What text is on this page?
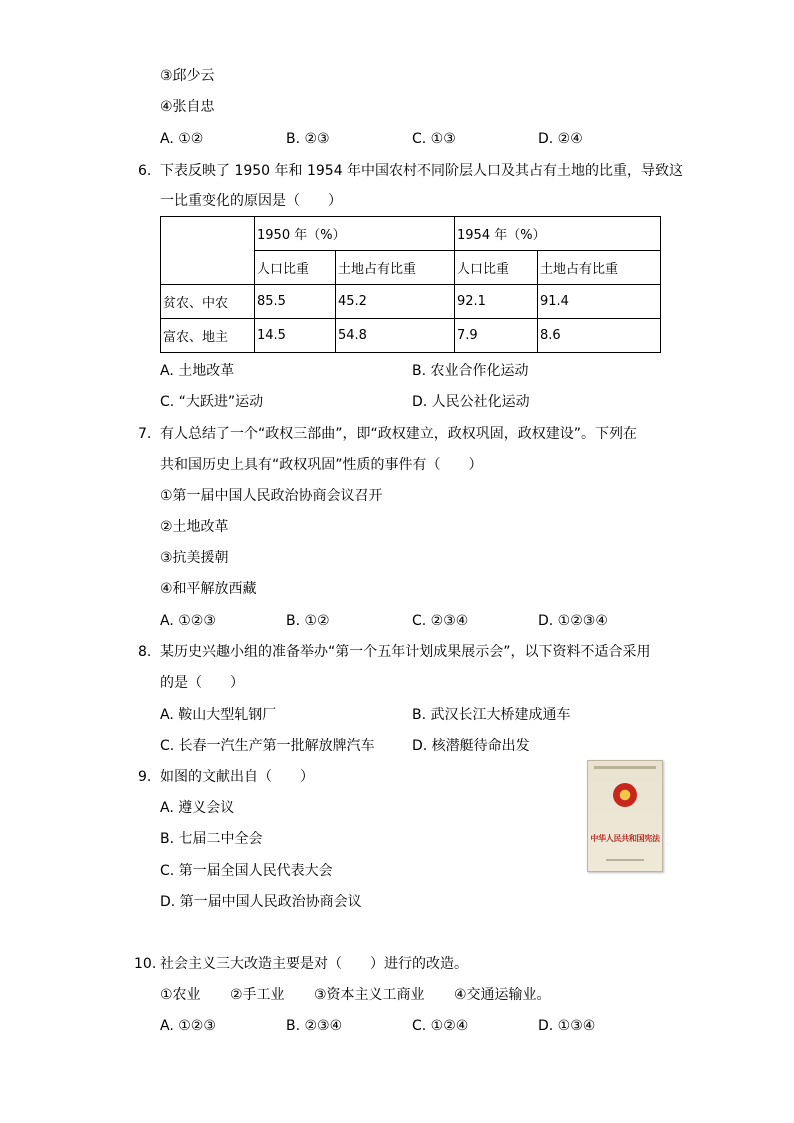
③邱少云
④张自忠
A. ①②	B. ②③	C. ①③	D. ②④
6. 下表反映了 1950 年和 1954 年中国农村不同阶层人口及其占有土地的比重，导致这
一比重变化的原因是（　　）
	1950 年（%）		1954 年（%）	
	人口比重	土地占有比重	人口比重	土地占有比重
贫农、中农	85.5	45.2	92.1	91.4
富农、地主	14.5	54.8	7.9	8.6
A. 土地改革	B. 农业合作化运动
C. “大跃进”运动	D. 人民公社化运动
7. 有人总结了一个“政权三部曲”，即“政权建立，政权巩固，政权建设”。下列在
共和国历史上具有“政权巩固”性质的事件有（　　）
①第一届中国人民政治协商会议召开
②土地改革
③抗美援朝
④和平解放西藏
A. ①②③	B. ①②	C. ②③④	D. ①②③④
8. 某历史兴趣小组的准备举办“第一个五年计划成果展示会”，以下资料不适合采用
的是（　　）
A. 鞍山大型轧钢厂	B. 武汉长江大桥建成通车
C. 长春一汽生产第一批解放牌汽车	D. 核潜艇待命出发
9. 如图的文献出自（　　）
A. 遵义会议
B. 七届二中全会
C. 第一届全国人民代表大会
D. 第一届中国人民政治协商会议
中华人民共和国宪法
10. 社会主义三大改造主要是对（　　）进行的改造。
①农业 ②手工业 ③资本主义工商业 ④交通运输业。
A. ①②③	B. ②③④	C. ①②④	D. ①③④
